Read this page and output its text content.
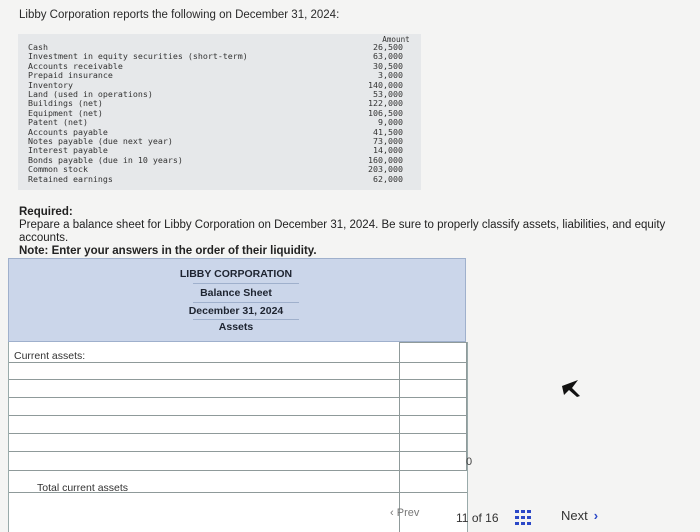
Libby Corporation reports the following on December 31, 2024:
Amount
Cash	26,500
Investment in equity securities (short-term)	63,000
Accounts receivable	30,500
Prepaid insurance	3,000
Inventory	140,000
Land (used in operations)	53,000
Buildings (net)	122,000
Equipment (net)	106,500
Patent (net)	9,000
Accounts payable	41,500
Notes payable (due next year)	73,000
Interest payable	14,000
Bonds payable (due in 10 years)	160,000
Common stock	203,000
Retained earnings	62,000
Required:
Prepare a balance sheet for Libby Corporation on December 31, 2024. Be sure to properly classify assets, liabilities, and equity accounts.
Note: Enter your answers in the order of their liquidity.
LIBBY CORPORATION
Balance Sheet
December 31, 2024
Assets
Current assets:
Total current assets
0
‹ Prev	11 of 16	Next ›
